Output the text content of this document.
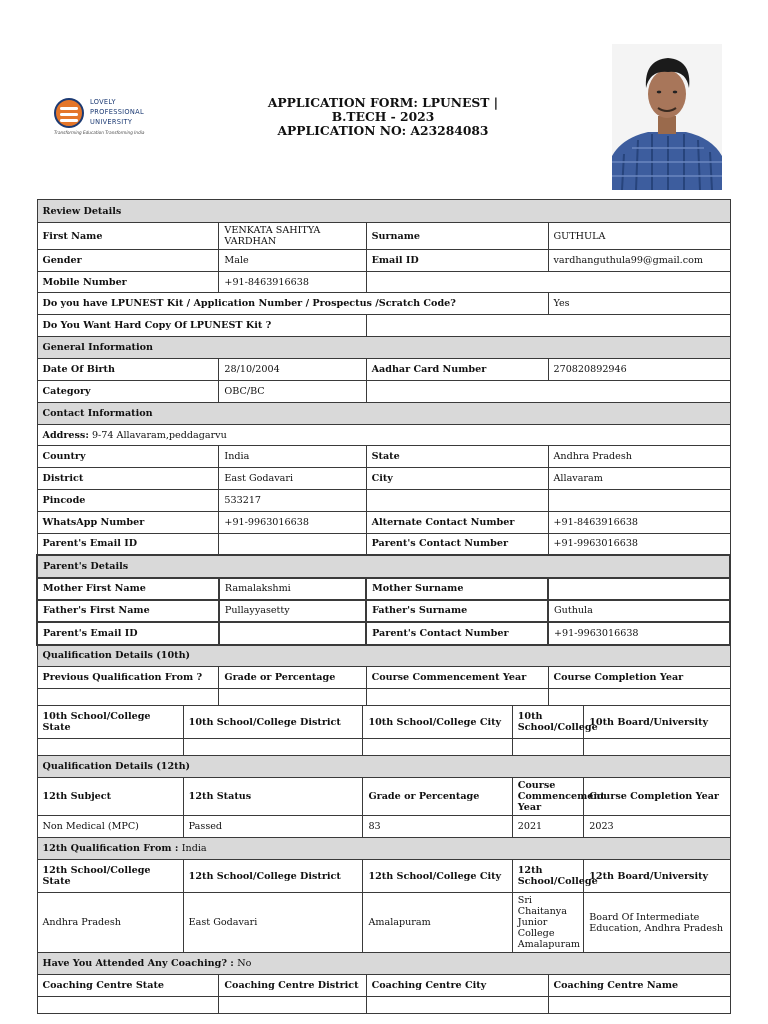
LOVELY
PROFESSIONAL
UNIVERSITY
Transforming Education Transforming India
APPLICATION FORM: LPUNEST |
B.TECH - 2023
APPLICATION NO: A23284083
Review Details							
First Name		VENKATA SAHITYA VARDHAN		Surname		GUTHULA	
Gender		Male		Email ID		vardhanguthula99@gmail.com	
Mobile Number		+91-8463916638					
Do you have LPUNEST Kit / Application Number / Prospectus /Scratch Code?						Yes	
Do You Want Hard Copy Of LPUNEST Kit ?							
General Information							
Date Of Birth		28/10/2004		Aadhar Card Number		270820892946	
Category		OBC/BC					
Contact Information							
Address: 9-74 Allavaram,peddagarvu							
Country		India		State		Andhra Pradesh	
District		East Godavari		City		Allavaram	
Pincode		533217					
WhatsApp Number		+91-9963016638		Alternate Contact Number		+91-8463916638	
Parent's Email ID				Parent's Contact Number		+91-9963016638	
Parent's Details							
Mother First Name		Ramalakshmi		Mother Surname			
Father's First Name		Pullayyasetty		Father's Surname		Guthula	
Parent's Email ID				Parent's Contact Number		+91-9963016638	
Qualification Details (10th)							
Previous Qualification From ?		Grade or Percentage		Course Commencement Year		Course Completion Year	

10th School/College State	10th School/College District		10th School/College City		10th School/College		10th Board/University

Qualification Details (12th)							
12th Subject	12th Status		Grade or Percentage		Course Commencement Year		Course Completion Year
Non Medical (MPC)	Passed		83		2021		2023
12th Qualification From : India							
12th School/College State	12th School/College District		12th School/College City		12th School/College		12th Board/University
Andhra Pradesh	East Godavari		Amalapuram		Sri Chaitanya Junior College Amalapuram		Board Of Intermediate Education, Andhra Pradesh
Have You Attended Any Coaching? : No							
Coaching Centre State		Coaching Centre District		Coaching Centre City		Coaching Centre Name	
